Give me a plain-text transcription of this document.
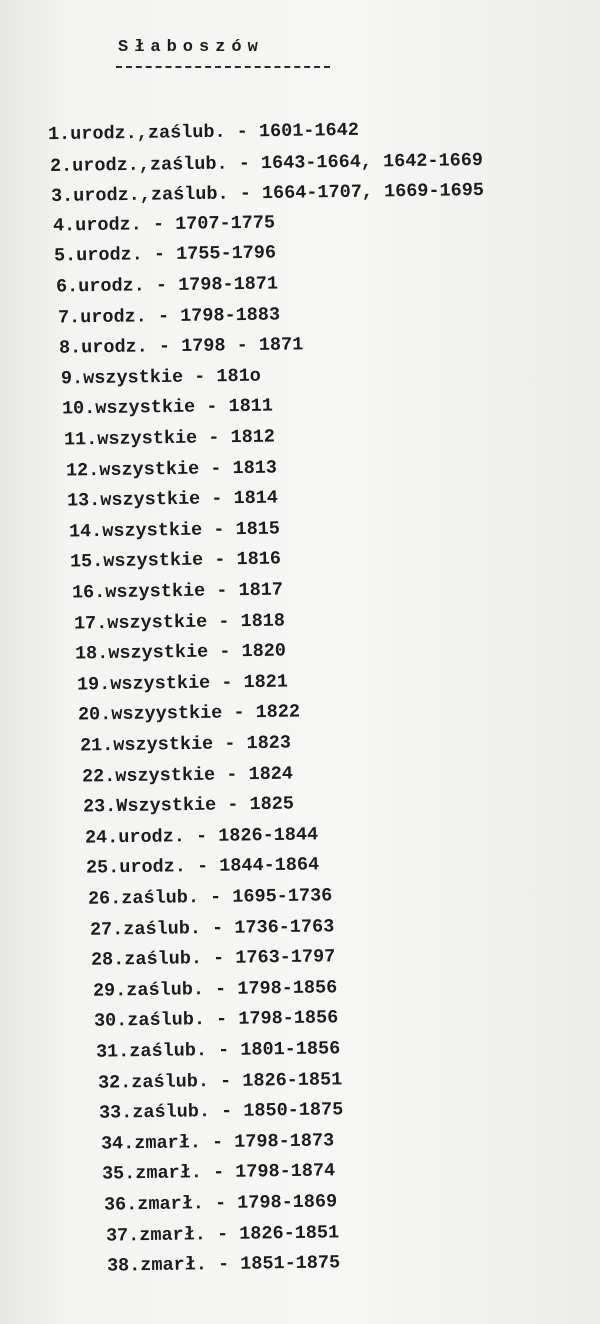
Słaboszów
1.urodz.,zaślub. - 1601-1642
2.urodz.,zaślub. - 1643-1664, 1642-1669
3.urodz.,zaślub. - 1664-1707, 1669-1695
4.urodz. - 1707-1775
5.urodz. - 1755-1796
6.urodz. - 1798-1871
7.urodz. - 1798-1883
8.urodz. - 1798 - 1871
9.wszystkie - 181o
10.wszystkie - 1811
11.wszystkie - 1812
12.wszystkie - 1813
13.wszystkie - 1814
14.wszystkie - 1815
15.wszystkie - 1816
16.wszystkie - 1817
17.wszystkie - 1818
18.wszystkie - 1820
19.wszystkie - 1821
20.wszyystkie - 1822
21.wszystkie - 1823
22.wszystkie - 1824
23.Wszystkie - 1825
24.urodz. - 1826-1844
25.urodz. - 1844-1864
26.zaślub. - 1695-1736
27.zaślub. - 1736-1763
28.zaślub. - 1763-1797
29.zaślub. - 1798-1856
30.zaślub. - 1798-1856
31.zaślub. - 1801-1856
32.zaślub. - 1826-1851
33.zaślub. - 1850-1875
34.zmarł. - 1798-1873
35.zmarł. - 1798-1874
36.zmarł. - 1798-1869
37.zmarł. - 1826-1851
38.zmarł. - 1851-1875
